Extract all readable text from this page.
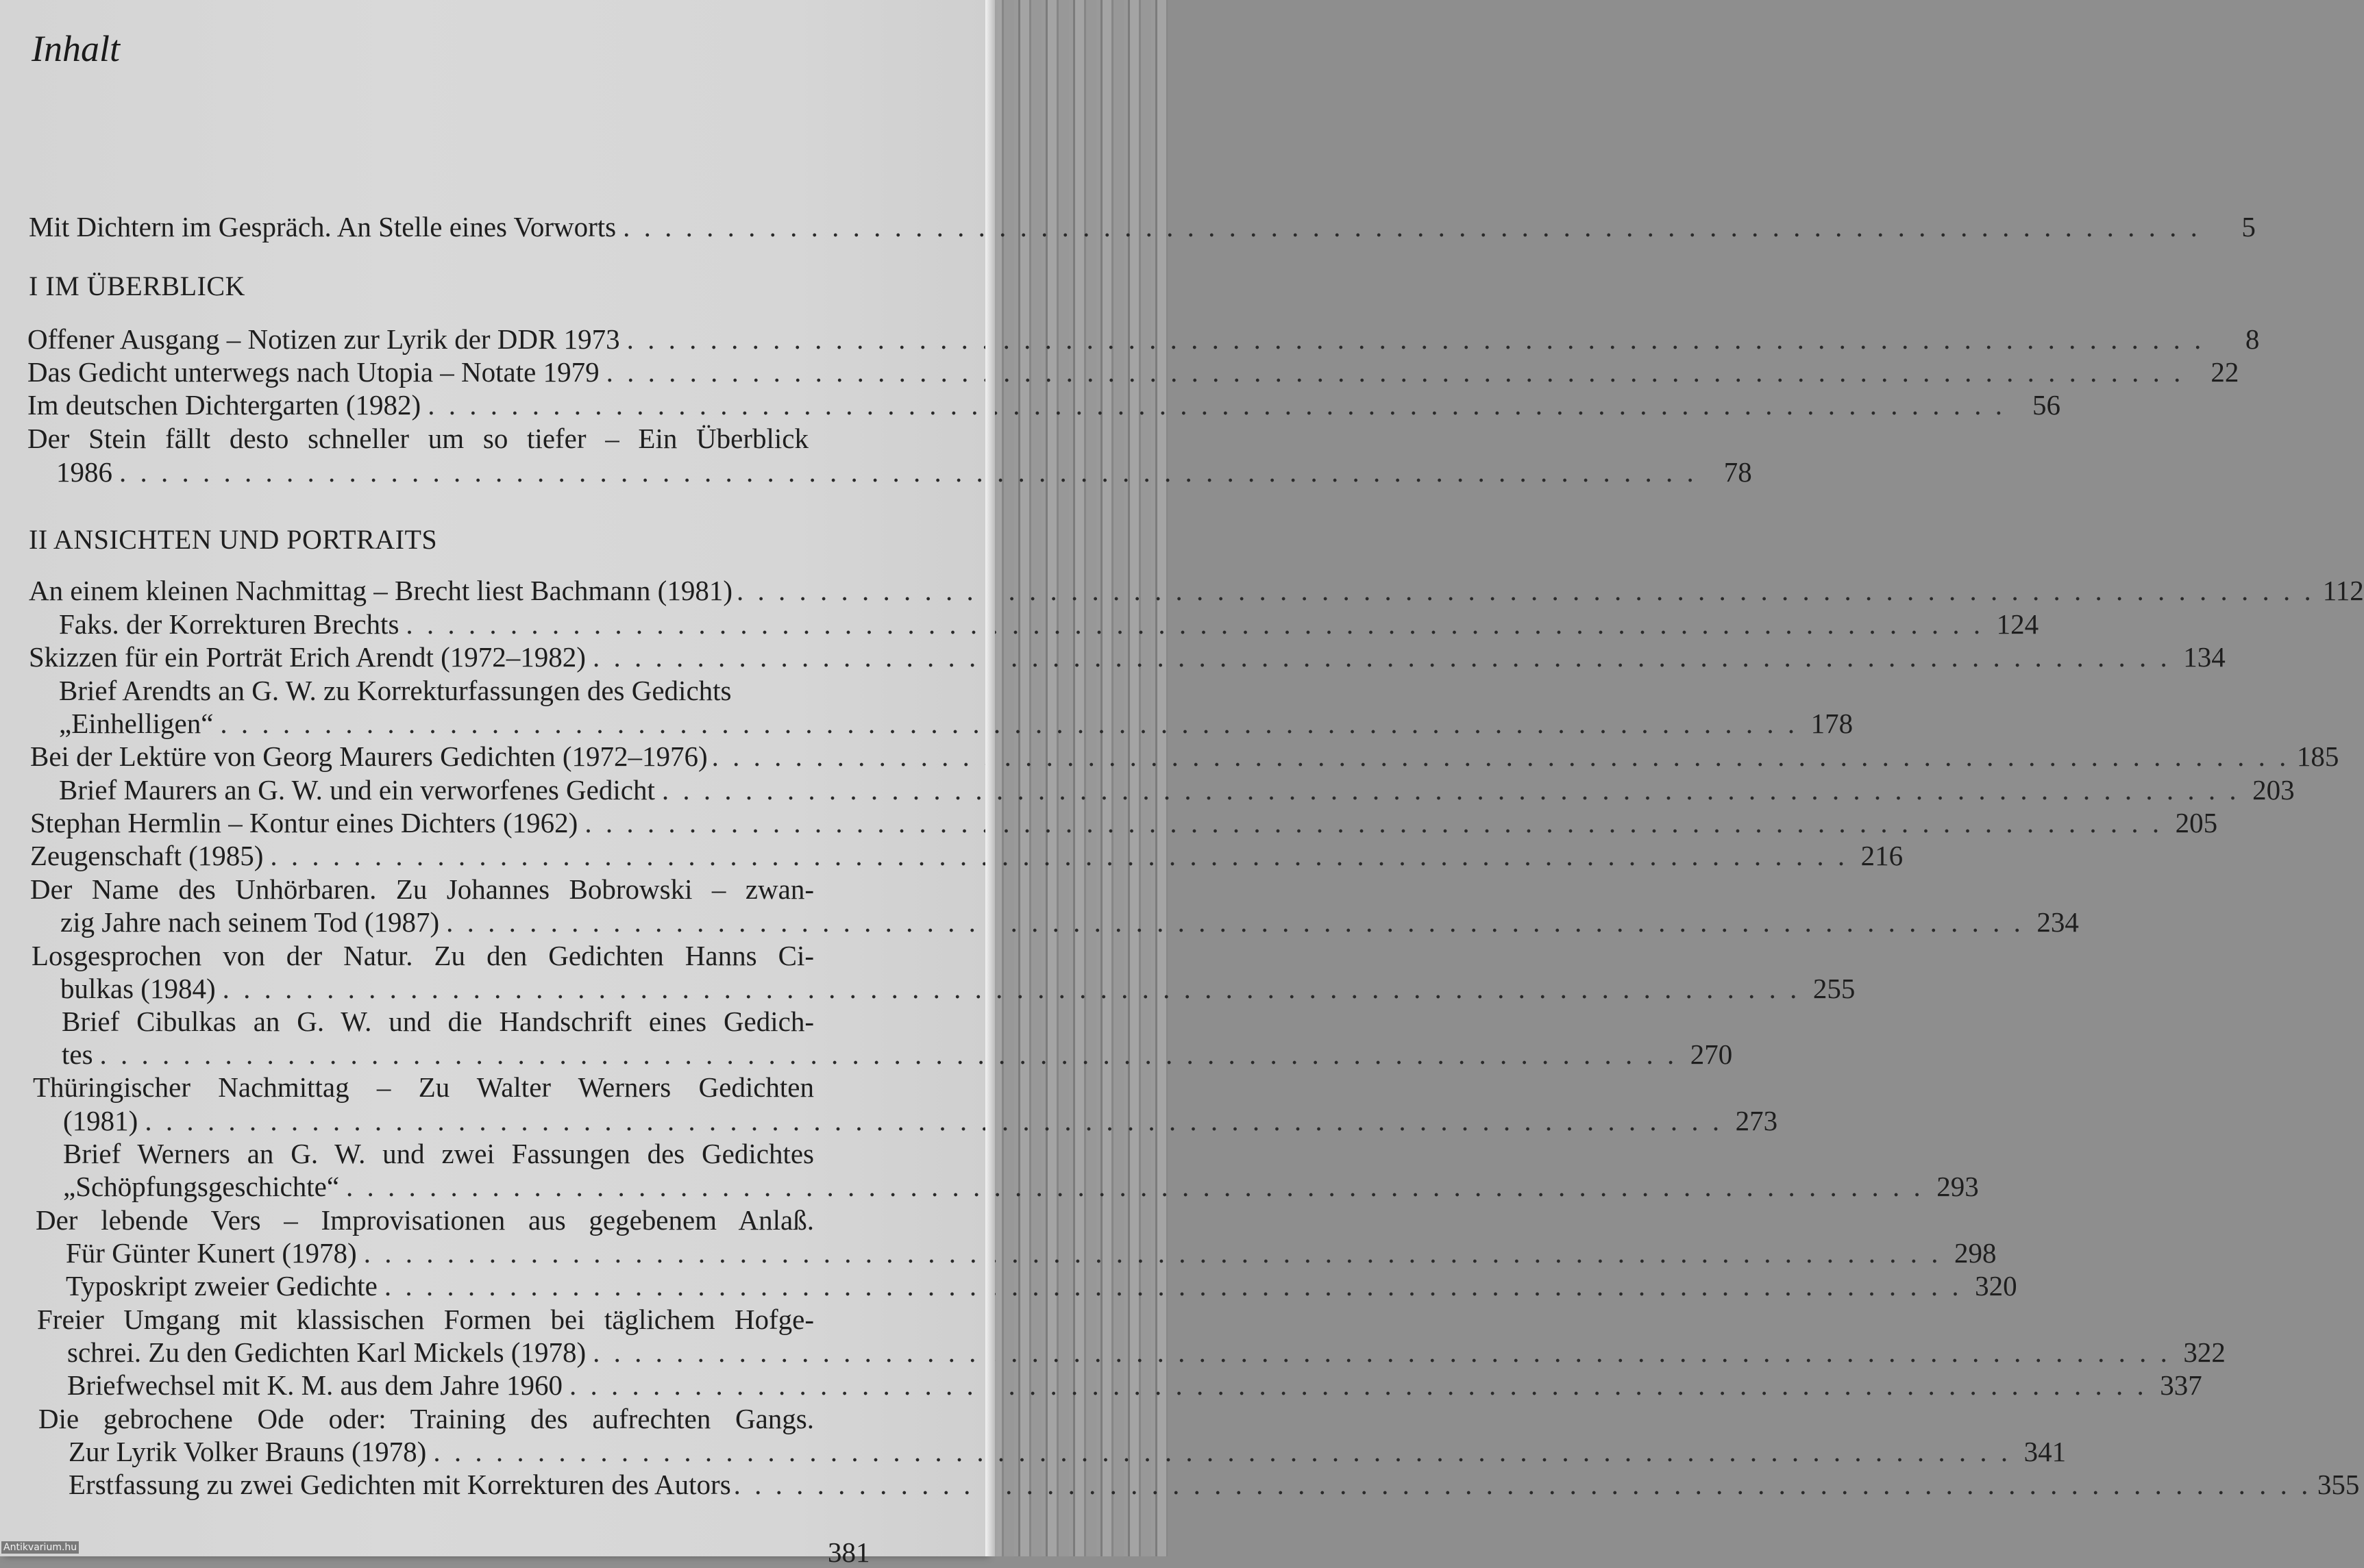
Inhalt
Mit Dichtern im Gespräch. An Stelle eines Vorworts . . .	5
I IM ÜBERBLICK
Offener Ausgang – Notizen zur Lyrik der DDR 1973 . . .	8
Das Gedicht unterwegs nach Utopia – Notate 1979 . . .	22
Im deutschen Dichtergarten (1982) . . .	56
Der Stein fällt desto schneller um so tiefer – Ein Überblick
1986 . . .	78
II ANSICHTEN UND PORTRAITS
An einem kleinen Nachmittag – Brecht liest Bachmann (1981) . . .	112
Faks. der Korrekturen Brechts . . .	124
Skizzen für ein Porträt Erich Arendt (1972–1982) . . .	134
Brief Arendts an G. W. zu Korrekturfassungen des Gedichts
„Einhelligen“ . . .	178
Bei der Lektüre von Georg Maurers Gedichten (1972–1976) . . .	185
Brief Maurers an G. W. und ein verworfenes Gedicht . . .	203
Stephan Hermlin – Kontur eines Dichters (1962) . . .	205
Zeugenschaft (1985) . . .	216
Der Name des Unhörbaren. Zu Johannes Bobrowski – zwan-
zig Jahre nach seinem Tod (1987) . . .	234
Losgesprochen von der Natur. Zu den Gedichten Hanns Ci-
bulkas (1984) . . .	255
Brief Cibulkas an G. W. und die Handschrift eines Gedich-
tes . . .	270
Thüringischer Nachmittag – Zu Walter Werners Gedichten
(1981) . . .	273
Brief Werners an G. W. und zwei Fassungen des Gedichtes
„Schöpfungsgeschichte“ . . .	293
Der lebende Vers – Improvisationen aus gegebenem Anlaß.
Für Günter Kunert (1978) . . .	298
Typoskript zweier Gedichte . . .	320
Freier Umgang mit klassischen Formen bei täglichem Hofge-
schrei. Zu den Gedichten Karl Mickels (1978) . . .	322
Briefwechsel mit K. M. aus dem Jahre 1960 . . .	337
Die gebrochene Ode oder: Training des aufrechten Gangs.
Zur Lyrik Volker Brauns (1978) . . .	341
Erstfassung zu zwei Gedichten mit Korrekturen des Autors . . .	355
381
Antikvarium.hu
